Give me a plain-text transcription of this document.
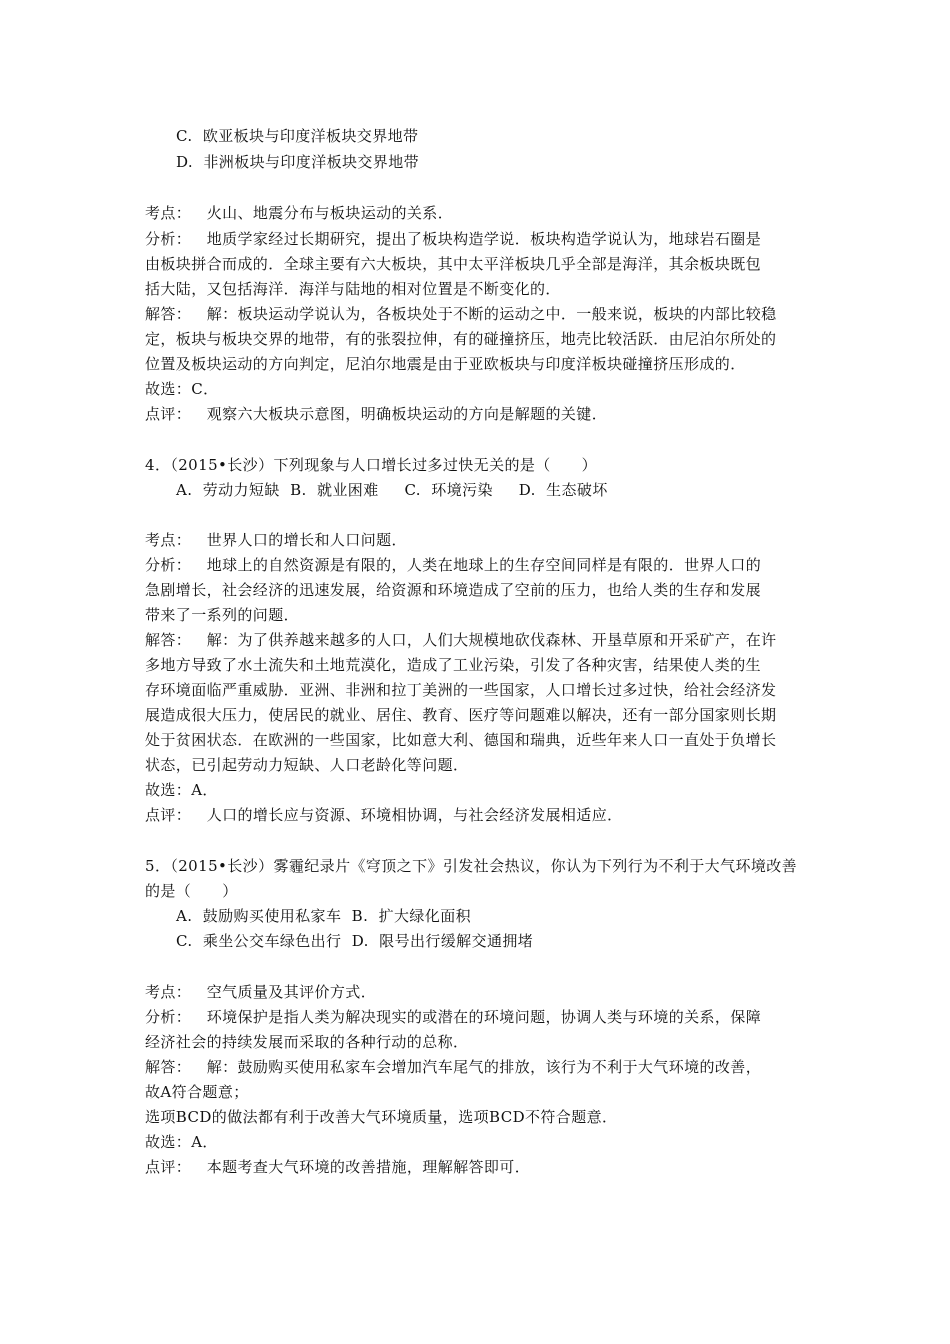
C.  欧亚板块与印度洋板块交界地带
D.  非洲板块与印度洋板块交界地带
考点：   火山、地震分布与板块运动的关系．
分析：   地质学家经过长期研究，提出了板块构造学说．板块构造学说认为，地球岩石圈是
由板块拼合而成的．全球主要有六大板块，其中太平洋板块几乎全部是海洋，其余板块既包
括大陆，又包括海洋．海洋与陆地的相对位置是不断变化的．
解答：   解：板块运动学说认为，各板块处于不断的运动之中．一般来说，板块的内部比较稳
定，板块与板块交界的地带，有的张裂拉伸，有的碰撞挤压，地壳比较活跃．由尼泊尔所处的
位置及板块运动的方向判定，尼泊尔地震是由于亚欧板块与印度洋板块碰撞挤压形成的．
故选：C．
点评：   观察六大板块示意图，明确板块运动的方向是解题的关键．
4．（2015•长沙）下列现象与人口增长过多过快无关的是（      ）
A.  劳动力短缺  B.  就业困难     C.  环境污染     D.  生态破坏
考点：   世界人口的增长和人口问题．
分析：   地球上的自然资源是有限的，人类在地球上的生存空间同样是有限的．世界人口的
急剧增长，社会经济的迅速发展，给资源和环境造成了空前的压力，也给人类的生存和发展
带来了一系列的问题．
解答：   解：为了供养越来越多的人口，人们大规模地砍伐森林、开垦草原和开采矿产，在许
多地方导致了水土流失和土地荒漠化，造成了工业污染，引发了各种灾害，结果使人类的生
存环境面临严重威胁．亚洲、非洲和拉丁美洲的一些国家，人口增长过多过快，给社会经济发
展造成很大压力，使居民的就业、居住、教育、医疗等问题难以解决，还有一部分国家则长期
处于贫困状态．在欧洲的一些国家，比如意大利、德国和瑞典，近些年来人口一直处于负增长
状态，已引起劳动力短缺、人口老龄化等问题．
故选：A．
点评：   人口的增长应与资源、环境相协调，与社会经济发展相适应．
5．（2015•长沙）雾霾纪录片《穹顶之下》引发社会热议，你认为下列行为不利于大气环境改善
的是（      ）
A.  鼓励购买使用私家车  B.  扩大绿化面积
C.  乘坐公交车绿色出行  D.  限号出行缓解交通拥堵
考点：   空气质量及其评价方式．
分析：   环境保护是指人类为解决现实的或潜在的环境问题，协调人类与环境的关系，保障
经济社会的持续发展而采取的各种行动的总称．
解答：   解：鼓励购买使用私家车会增加汽车尾气的排放，该行为不利于大气环境的改善，
故A符合题意；
选项BCD的做法都有利于改善大气环境质量，选项BCD不符合题意．
故选：A．
点评：   本题考查大气环境的改善措施，理解解答即可．
